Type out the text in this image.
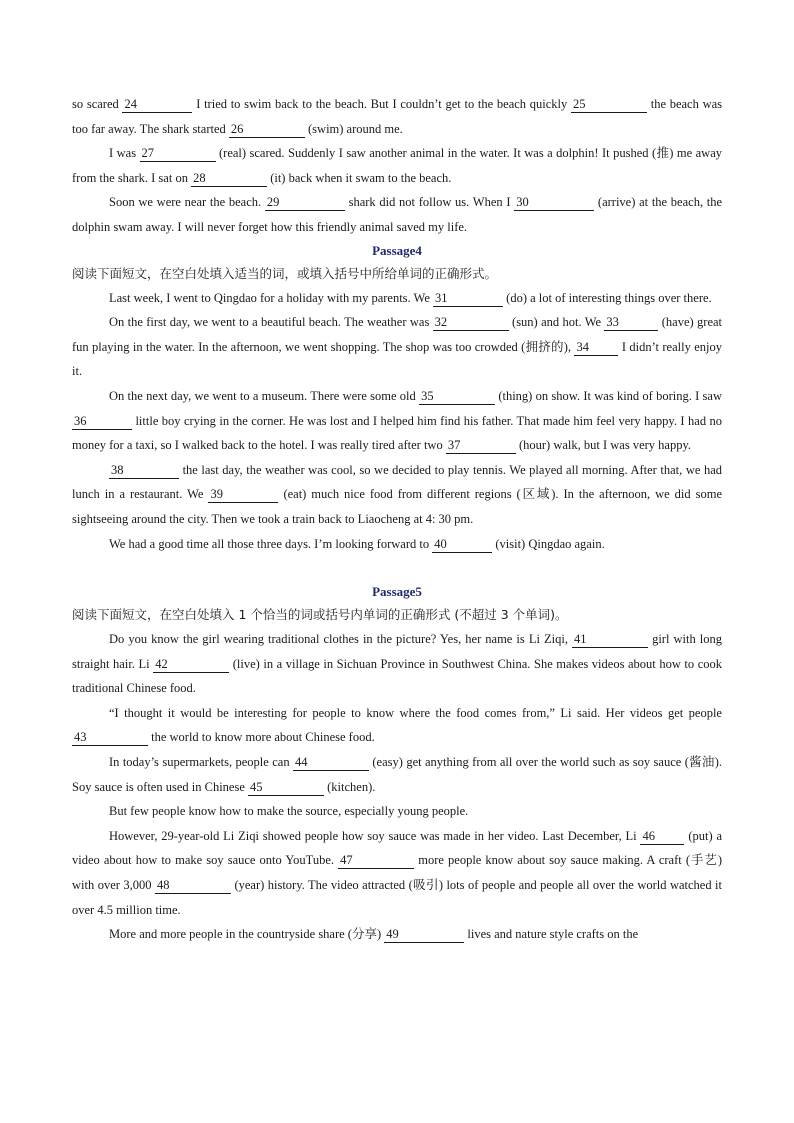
so scared 24	I tried to swim back to the beach. But I couldn’t get to the beach quickly 25	the beach was too far away. The shark started 26	(swim) around me.

I was 27	(real) scared. Suddenly I saw another animal in the water. It was a dolphin! It pushed (推) me away from the shark. I sat on 28	(it) back when it swam to the beach.

Soon we were near the beach. 29	shark did not follow us. When I 30	(arrive) at the beach, the dolphin swam away. I will never forget how this friendly animal saved my life.

Passage4

阅读下面短文，在空白处填入适当的词，或填入括号中所给单词的正确形式。

Last week, I went to Qingdao for a holiday with my parents. We 31	(do) a lot of interesting things over there.

On the first day, we went to a beautiful beach. The weather was 32	(sun) and hot. We 33	(have) great fun playing in the water. In the afternoon, we went shopping. The shop was too crowded (拥挤的), 34	I didn’t really enjoy it.

On the next day, we went to a museum. There were some old 35	(thing) on show. It was kind of boring. I saw 36	little boy crying in the corner. He was lost and I helped him find his father. That made him feel very happy. I had no money for a taxi, so I walked back to the hotel. I was really tired after two 37	(hour) walk, but I was very happy.

38	the last day, the weather was cool, so we decided to play tennis. We played all morning. After that, we had lunch in a restaurant. We 39	(eat) much nice food from different regions (区域). In the afternoon, we did some sightseeing around the city. Then we took a train back to Liaocheng at 4: 30 pm.

We had a good time all those three days. I’m looking forward to 40	(visit) Qingdao again.

Passage5

阅读下面短文，在空白处填入 1 个恰当的词或括号内单词的正确形式 (不超过 3 个单词)。

Do you know the girl wearing traditional clothes in the picture? Yes, her name is Li Ziqi, 41	girl with long straight hair. Li 42	(live) in a village in Sichuan Province in Southwest China. She makes videos about how to cook traditional Chinese food.

“I thought it would be interesting for people to know where the food comes from,” Li said. Her videos get people 43	the world to know more about Chinese food.

In today’s supermarkets, people can 44	(easy) get anything from all over the world such as soy sauce (酱油). Soy sauce is often used in Chinese 45	(kitchen).

But few people know how to make the source, especially young people.

However, 29-year-old Li Ziqi showed people how soy sauce was made in her video. Last December, Li 46	(put) a video about how to make soy sauce onto YouTube. 47	more people know about soy sauce making. A craft (手艺) with over 3,000 48	(year) history. The video attracted (吸引) lots of people and people all over the world watched it over 4.5 million time.

More and more people in the countryside share (分享) 49	lives and nature style crafts on the
